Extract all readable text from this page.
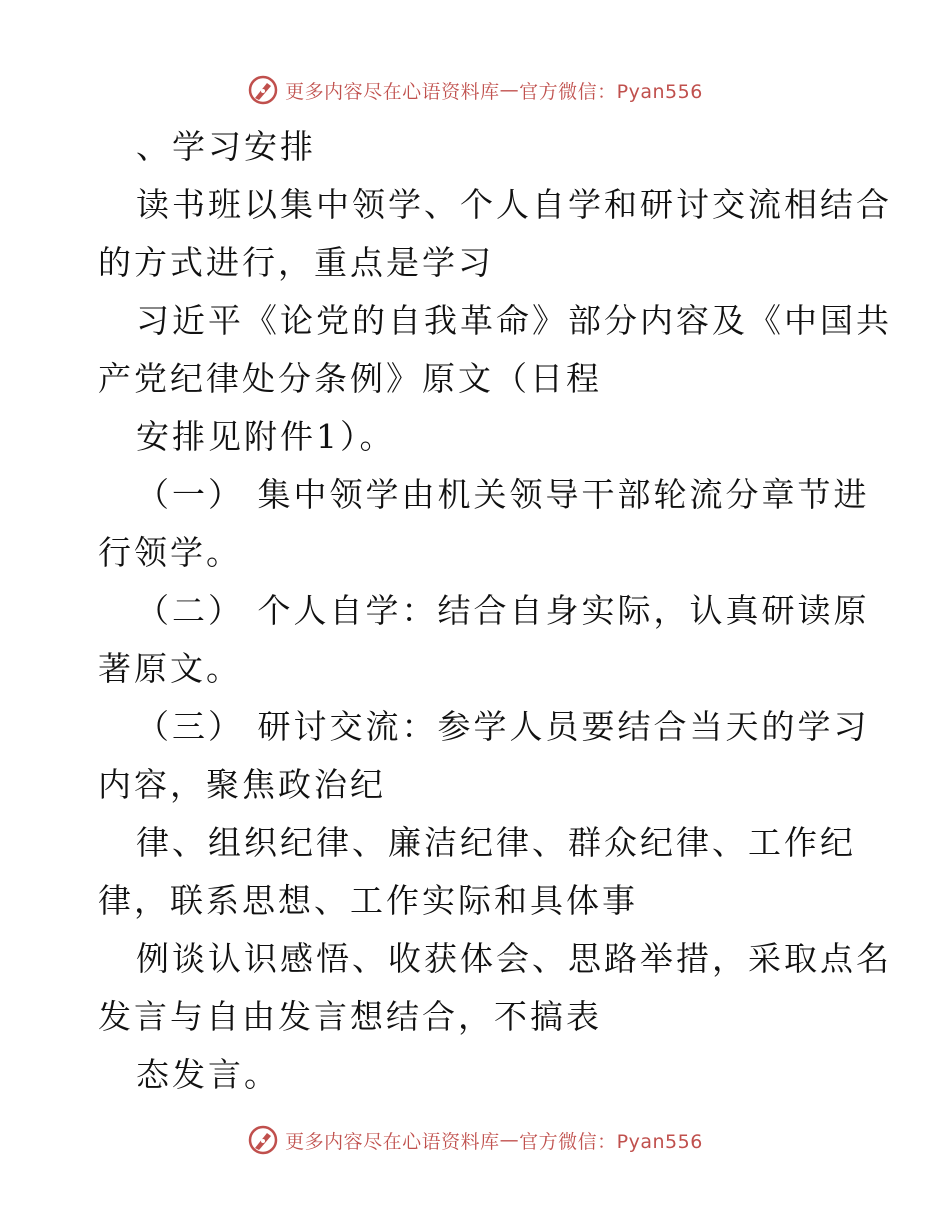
更多内容尽在心语资料库 — 官方微信：Pyan556
、学习安排
读书班以集中领学、个人自学和研讨交流相结合
的方式进行，重点是学习
习近平《论党的自我革命》部分内容及《中国共
产党纪律处分条例》原文（日程
安排见附件1）。
（一） 集中领学由机关领导干部轮流分章节进
行领学。
（二） 个人自学：结合自身实际，认真研读原
著原文。
（三） 研讨交流：参学人员要结合当天的学习
内容，聚焦政治纪
律、组织纪律、廉洁纪律、群众纪律、工作纪
律，联系思想、工作实际和具体事
例谈认识感悟、收获体会、思路举措，采取点名
发言与自由发言想结合，不搞表
态发言。
更多内容尽在心语资料库 — 官方微信：Pyan556
